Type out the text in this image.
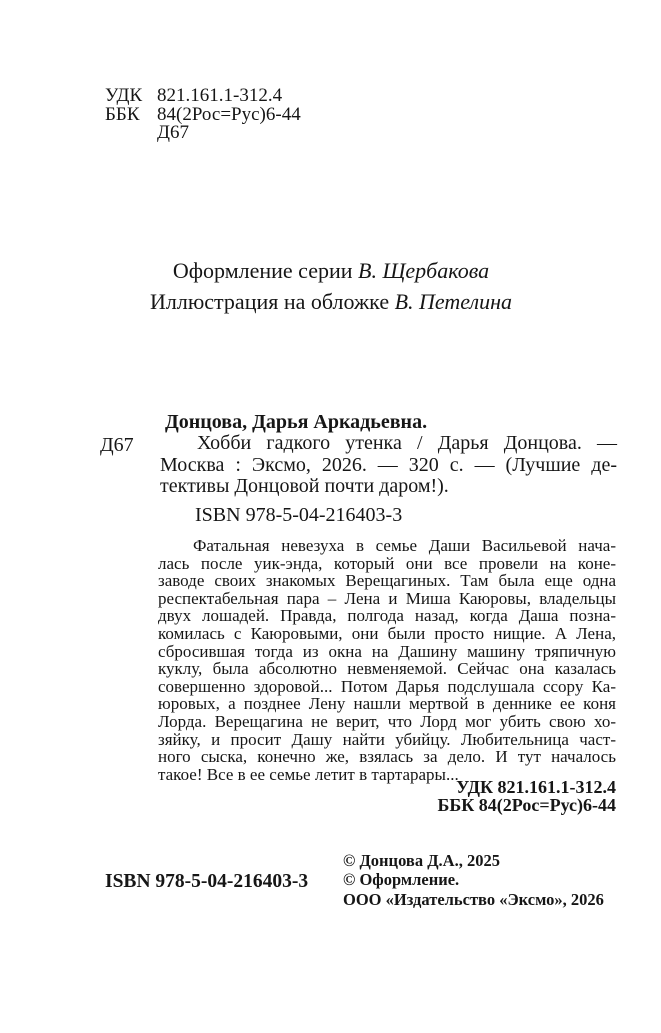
УДК 821.161.1-312.4
ББК 84(2Рос=Рус)6-44
Д67
Оформление серии В. Щербакова
Иллюстрация на обложке В. Петелина
Д67
Донцова, Дарья Аркадьевна.
Хобби гадкого утенка / Дарья Донцова. —
Москва : Эксмо, 2026. — 320 с. — (Лучшие де-
тективы Донцовой почти даром!).
ISBN 978-5-04-216403-3
Фатальная невезуха в семье Даши Васильевой нача-
лась после уик-энда, который они все провели на коне-
заводе своих знакомых Верещагиных. Там была еще одна
респектабельная пара – Лена и Миша Каюровы, владельцы
двух лошадей. Правда, полгода назад, когда Даша позна-
комилась с Каюровыми, они были просто нищие. А Лена,
сбросившая тогда из окна на Дашину машину тряпичную
куклу, была абсолютно невменяемой. Сейчас она казалась
совершенно здоровой... Потом Дарья подслушала ссору Ка-
юровых, а позднее Лену нашли мертвой в деннике ее коня
Лорда. Верещагина не верит, что Лорд мог убить свою хо-
зяйку, и просит Дашу найти убийцу. Любительница част-
ного сыска, конечно же, взялась за дело. И тут началось
такое! Все в ее семье летит в тартарары...
УДК 821.161.1-312.4
ББК 84(2Рос=Рус)6-44
ISBN 978-5-04-216403-3
© Донцова Д.А., 2025
© Оформление.
ООО «Издательство «Эксмо», 2026
